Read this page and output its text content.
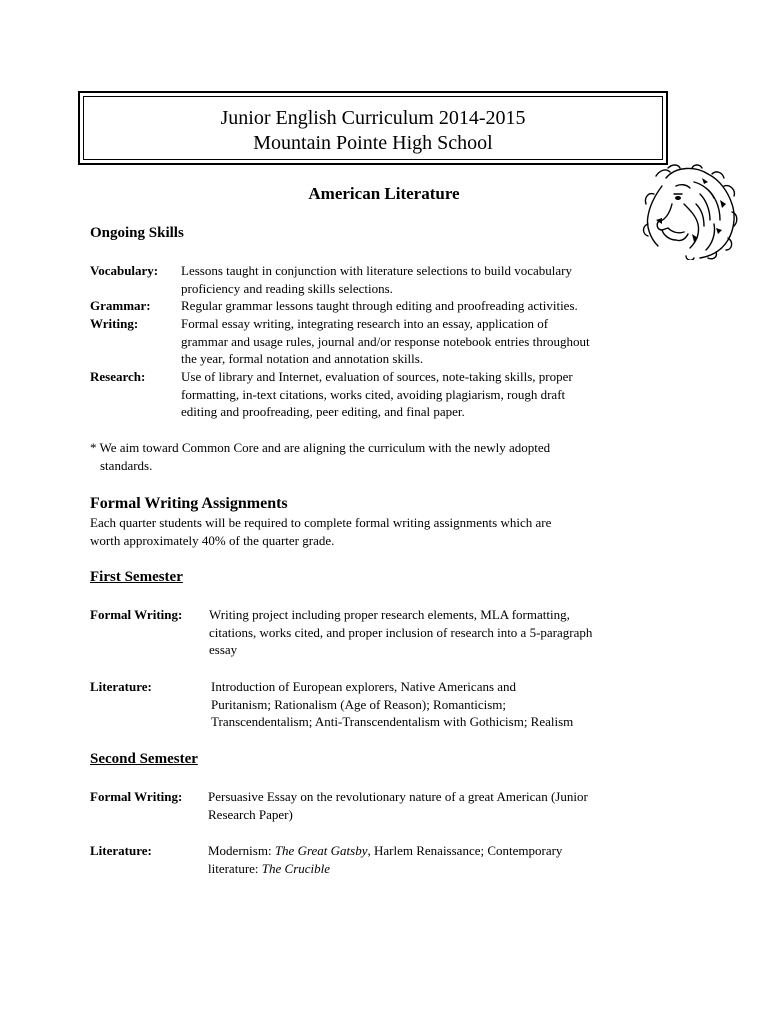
Junior English Curriculum 2014-2015
Mountain Pointe High School
American Literature
Ongoing Skills
Vocabulary: Lessons taught in conjunction with literature selections to build vocabulary
proficiency and reading skills selections.
Grammar: Regular grammar lessons taught through editing and proofreading activities.
Writing:	Formal essay writing, integrating research into an essay, application of
grammar and usage rules, journal and/or response notebook entries throughout
the year, formal notation and annotation skills.
Research:	Use of library and Internet, evaluation of sources, note-taking skills, proper
formatting, in-text citations, works cited, avoiding plagiarism, rough draft
editing and proofreading, peer editing, and final paper.
* We aim toward Common Core and are aligning the curriculum with the newly adopted
standards.
Formal Writing Assignments
Each quarter students will be required to complete formal writing assignments which are
worth approximately 40% of the quarter grade.
First Semester
Formal Writing: Writing project including proper research elements, MLA formatting,
citations, works cited, and proper inclusion of research into a 5-paragraph
essay
Literature:	Introduction of European explorers, Native Americans and
Puritanism; Rationalism (Age of Reason); Romanticism;
Transcendentalism; Anti-Transcendentalism with Gothicism; Realism
Second Semester
Formal Writing: Persuasive Essay on the revolutionary nature of a great American (Junior
Research Paper)
Literature:	Modernism: The Great Gatsby, Harlem Renaissance; Contemporary
literature: The Crucible
